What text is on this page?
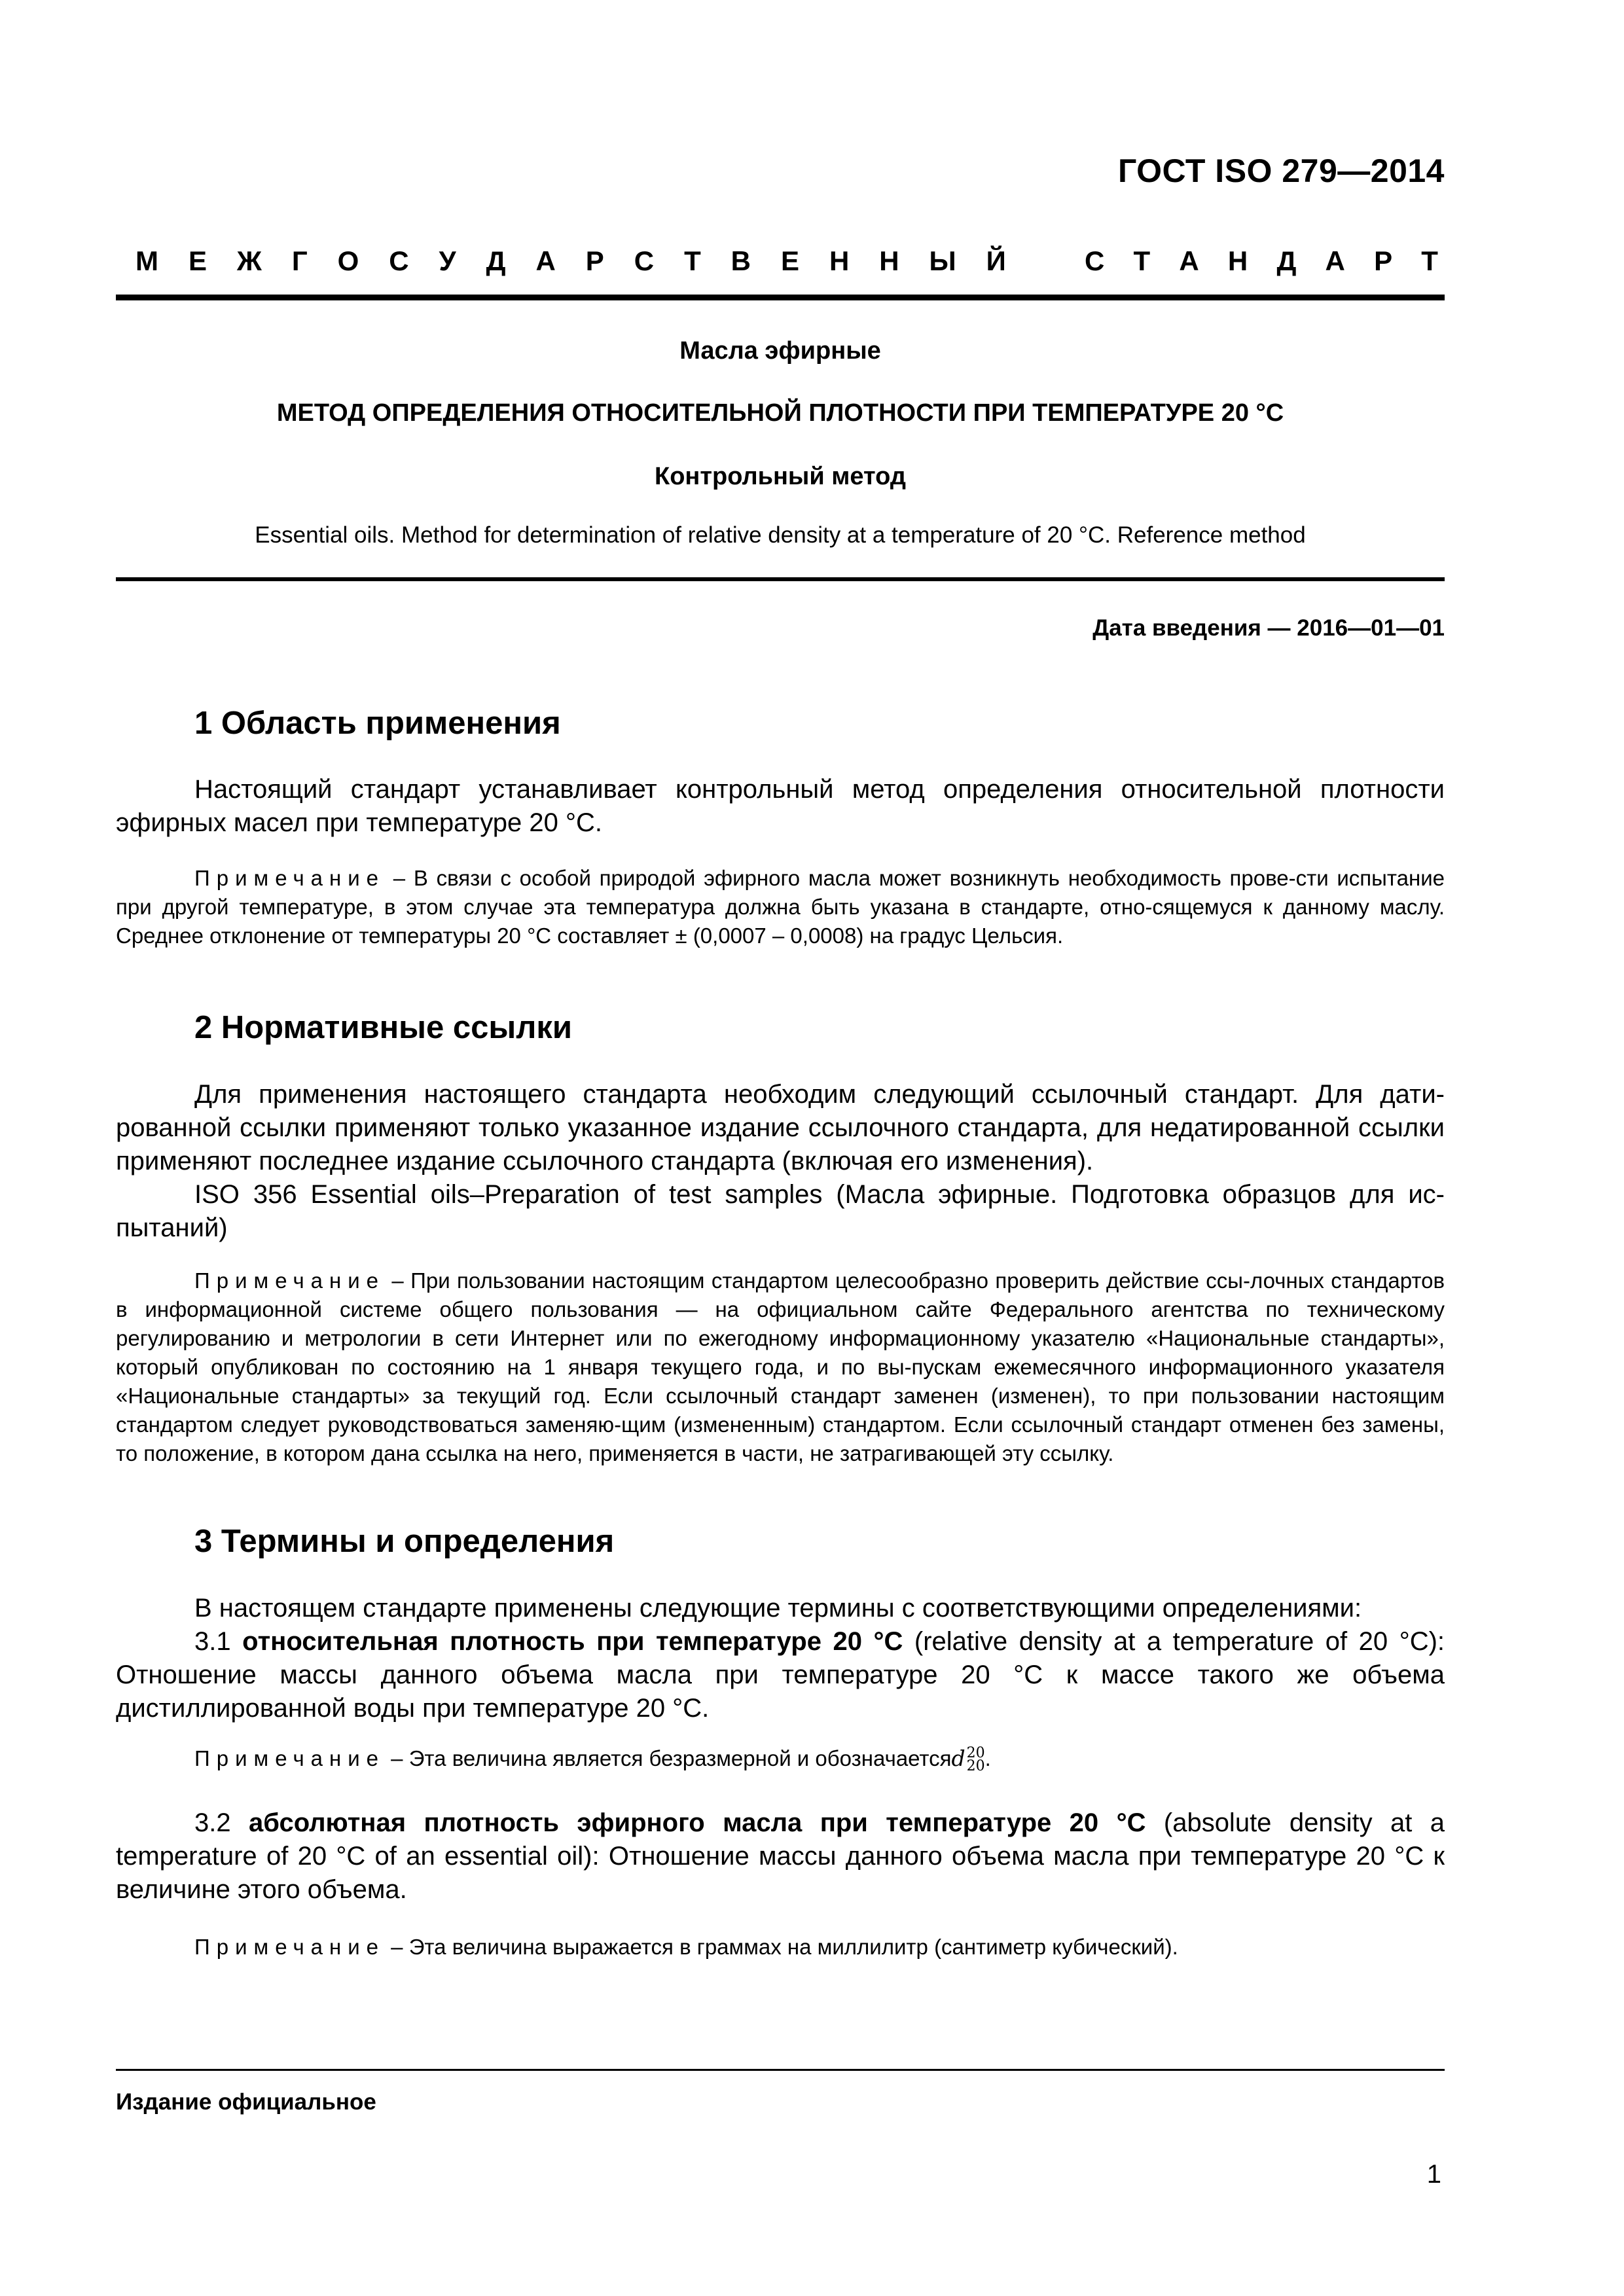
ГОСТ ISO 279—2014
М Е Ж Г О С У Д А Р С Т В Е Н Н Ы Й	С Т А Н Д А Р Т
Масла эфирные
МЕТОД ОПРЕДЕЛЕНИЯ ОТНОСИТЕЛЬНОЙ ПЛОТНОСТИ ПРИ ТЕМПЕРАТУРЕ 20 °С
Контрольный метод
Essential oils. Method for determination of relative density at a temperature of 20 °С. Reference method
Дата введения — 2016—01—01
1 Область применения
Настоящий стандарт устанавливает контрольный метод определения относительной плотности эфирных масел при температуре 20 °С.
Примечание – В связи с особой природой эфирного масла может возникнуть необходимость прове-сти испытание при другой температуре, в этом случае эта температура должна быть указана в стандарте, отно-сящемуся к данному маслу. Среднее отклонение от температуры 20 °С составляет ± (0,0007 – 0,0008) на градус Цельсия.
2 Нормативные ссылки
Для применения настоящего стандарта необходим следующий ссылочный стандарт. Для дати-рованной ссылки применяют только указанное издание ссылочного стандарта, для недатированной ссылки применяют последнее издание ссылочного стандарта (включая его изменения).
ISO 356 Essential oils–Preparation of test samples (Масла эфирные. Подготовка образцов для ис-пытаний)
Примечание – При пользовании настоящим стандартом целесообразно проверить действие ссы-лочных стандартов в информационной системе общего пользования — на официальном сайте Федерального агентства по техническому регулированию и метрологии в сети Интернет или по ежегодному информационному указателю «Национальные стандарты», который опубликован по состоянию на 1 января текущего года, и по вы-пускам ежемесячного информационного указателя «Национальные стандарты» за текущий год. Если ссылочный стандарт заменен (изменен), то при пользовании настоящим стандартом следует руководствоваться заменяю-щим (измененным) стандартом. Если ссылочный стандарт отменен без замены, то положение, в котором дана ссылка на него, применяется в части, не затрагивающей эту ссылку.
3 Термины и определения
В настоящем стандарте применены следующие термины с соответствующими определениями:
3.1 относительная плотность при температуре 20 °С (relative density at a temperature of 20 °С): Отношение массы данного объема масла при температуре 20 °С к массе такого же объема дистиллированной воды при температуре 20 °С.
Примечание – Эта величина является безразмерной и обозначаетсяd 20
20 .
3.2 абсолютная плотность эфирного масла при температуре 20 °С (absolute density at a temperature of 20 °С of an essential oil): Отношение массы данного объема масла при температуре 20 °С к величине этого объема.
Примечание – Эта величина выражается в граммах на миллилитр (сантиметр кубический).
Издание официальное
1
